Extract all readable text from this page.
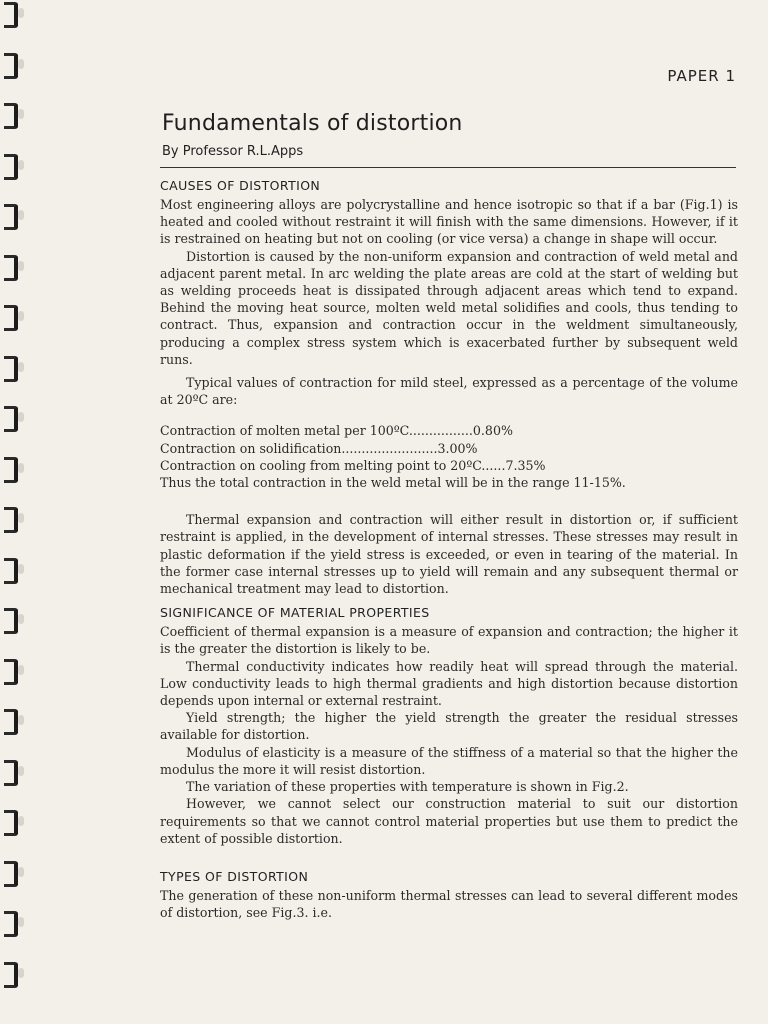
PAPER 1
Fundamentals of distortion
By Professor R.L.Apps
CAUSES OF DISTORTION

Most engineering alloys are polycrystalline and hence isotropic so that if a bar (Fig.1) is heated and cooled without restraint it will finish with the same dimensions. However, if it is restrained on heating but not on cooling (or vice versa) a change in shape will occur.

Distortion is caused by the non-uniform expansion and contraction of weld metal and adjacent parent metal. In arc welding the plate areas are cold at the start of welding but as welding proceeds heat is dissipated through adjacent areas which tend to expand. Behind the moving heat source, molten weld metal solidifies and cools, thus tending to contract. Thus, expansion and contraction occur in the weldment simultaneously, producing a complex stress system which is exacerbated further by subsequent weld runs.

Typical values of contraction for mild steel, expressed as a percentage of the volume at 20ºC are:

Contraction of molten metal per 100ºC................0.80%
Contraction on solidification........................3.00%
Contraction on cooling from melting point to 20ºC......7.35%
Thus the total contraction in the weld metal will be in the range 11-15%.

Thermal expansion and contraction will either result in distortion or, if sufficient restraint is applied, in the development of internal stresses. These stresses may result in plastic deformation if the yield stress is exceeded, or even in tearing of the material. In the former case internal stresses up to yield will remain and any subsequent thermal or mechanical treatment may lead to distortion.

SIGNIFICANCE OF MATERIAL PROPERTIES

Coefficient of thermal expansion is a measure of expansion and contraction; the higher it is the greater the distortion is likely to be.

Thermal conductivity indicates how readily heat will spread through the material. Low conductivity leads to high thermal gradients and high distortion because distortion depends upon internal or external restraint.

Yield strength; the higher the yield strength the greater the residual stresses available for distortion.

Modulus of elasticity is a measure of the stiffness of a material so that the higher the modulus the more it will resist distortion.

The variation of these properties with temperature is shown in Fig.2.

However, we cannot select our construction material to suit our distortion requirements so that we cannot control material properties but use them to predict the extent of possible distortion.

TYPES OF DISTORTION

The generation of these non-uniform thermal stresses can lead to several different modes of distortion, see Fig.3. i.e.
